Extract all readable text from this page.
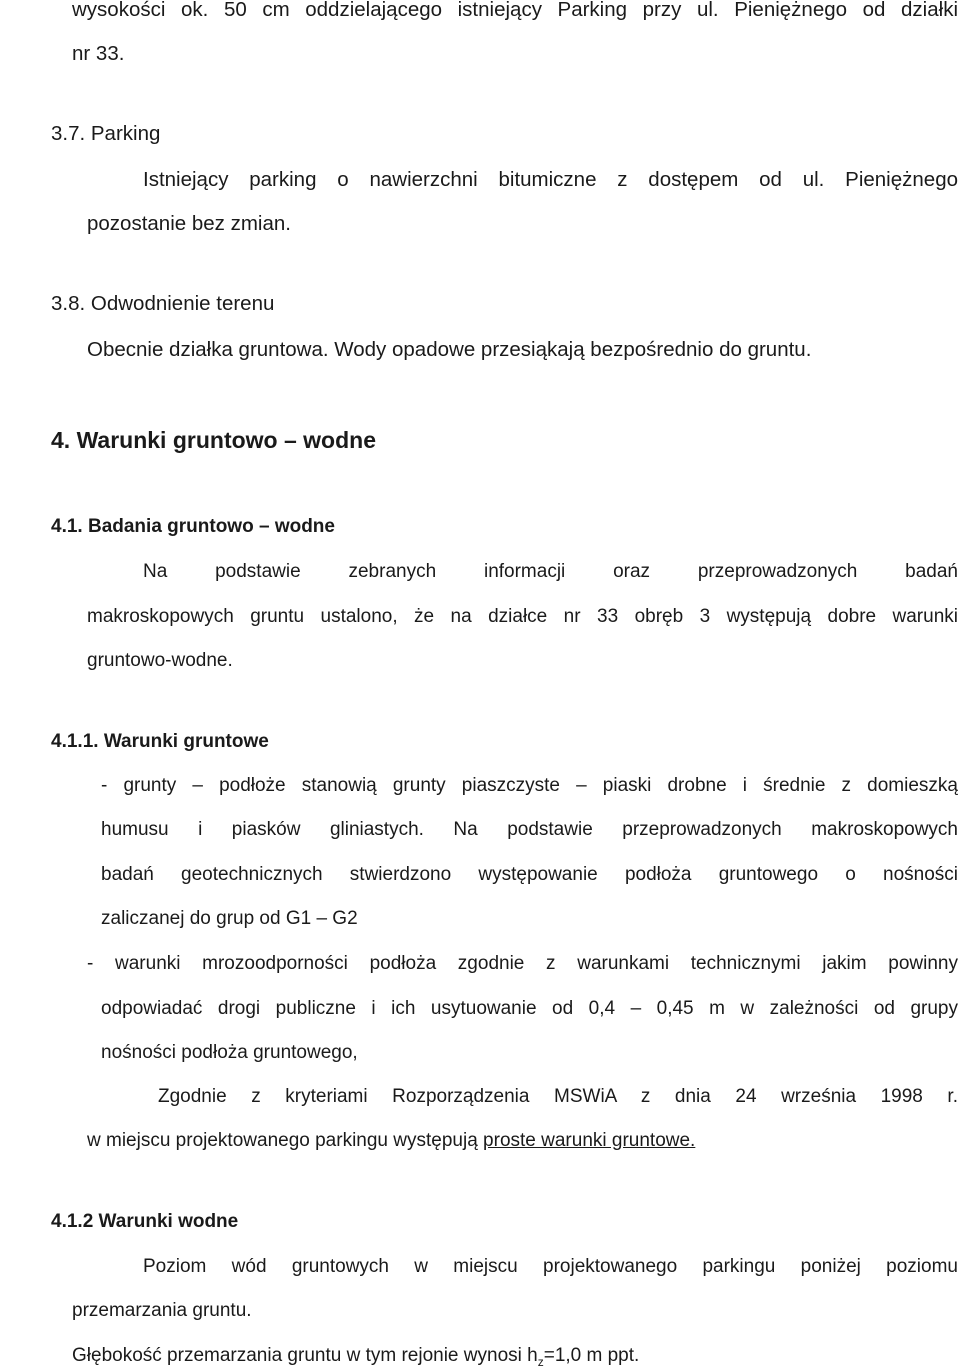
wysokości ok. 50 cm oddzielającego istniejący Parking przy ul. Pieniężnego od działki

nr 33.

3.7. Parking

Istniejący parking o nawierzchni bitumiczne z dostępem od ul. Pieniężnego

pozostanie bez zmian.

3.8. Odwodnienie terenu

Obecnie działka gruntowa. Wody opadowe przesiąkają bezpośrednio do gruntu.

4. Warunki gruntowo – wodne

4.1. Badania gruntowo – wodne

Na podstawie zebranych informacji oraz przeprowadzonych badań

makroskopowych gruntu ustalono, że na działce nr 33 obręb 3 występują dobre warunki

gruntowo-wodne.

4.1.1. Warunki gruntowe

- grunty – podłoże stanowią grunty piaszczyste – piaski drobne i średnie z domieszką

humusu i piasków gliniastych. Na podstawie przeprowadzonych makroskopowych

badań geotechnicznych stwierdzono występowanie podłoża gruntowego o nośności

zaliczanej do grup od G1 – G2

- warunki mrozoodporności podłoża zgodnie z warunkami technicznymi jakim powinny

odpowiadać drogi publiczne i ich usytuowanie od 0,4 – 0,45 m w zależności od grupy

nośności podłoża gruntowego,

Zgodnie z kryteriami Rozporządzenia MSWiA z dnia 24 września 1998 r.

w miejscu projektowanego parkingu występują proste warunki gruntowe.

4.1.2 Warunki wodne

Poziom wód gruntowych w miejscu projektowanego parkingu poniżej poziomu

przemarzania gruntu.

Głębokość przemarzania gruntu w tym rejonie wynosi $h_z=1,0$ m ppt.
